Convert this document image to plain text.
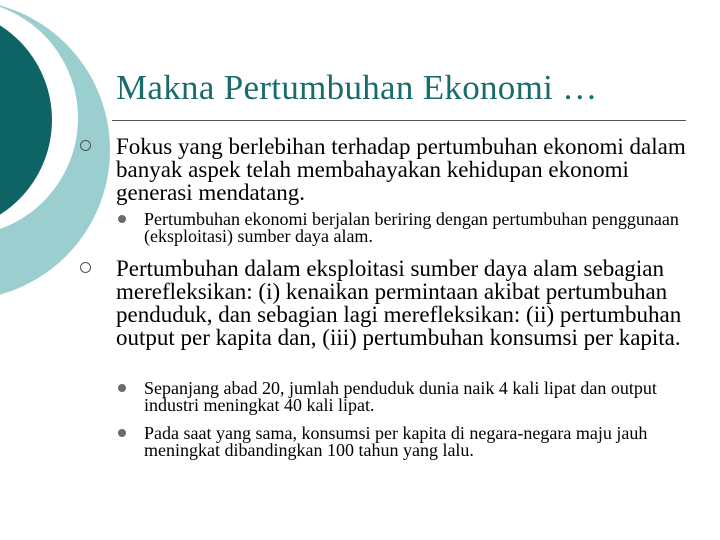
Makna Pertumbuhan Ekonomi …
Fokus yang berlebihan terhadap pertumbuhan ekonomi dalam banyak aspek telah membahayakan kehidupan ekonomi generasi mendatang.
Pertumbuhan ekonomi berjalan beriring dengan pertumbuhan penggunaan (eksploitasi) sumber daya alam.
Pertumbuhan dalam eksploitasi sumber daya alam sebagian merefleksikan: (i) kenaikan permintaan akibat pertumbuhan penduduk, dan sebagian lagi merefleksikan: (ii) pertumbuhan output per kapita dan, (iii) pertumbuhan konsumsi per kapita.
Sepanjang abad 20, jumlah penduduk dunia naik 4 kali lipat dan output industri meningkat 40 kali lipat.
Pada saat yang sama, konsumsi per kapita di negara-negara maju jauh meningkat dibandingkan 100 tahun yang lalu.
